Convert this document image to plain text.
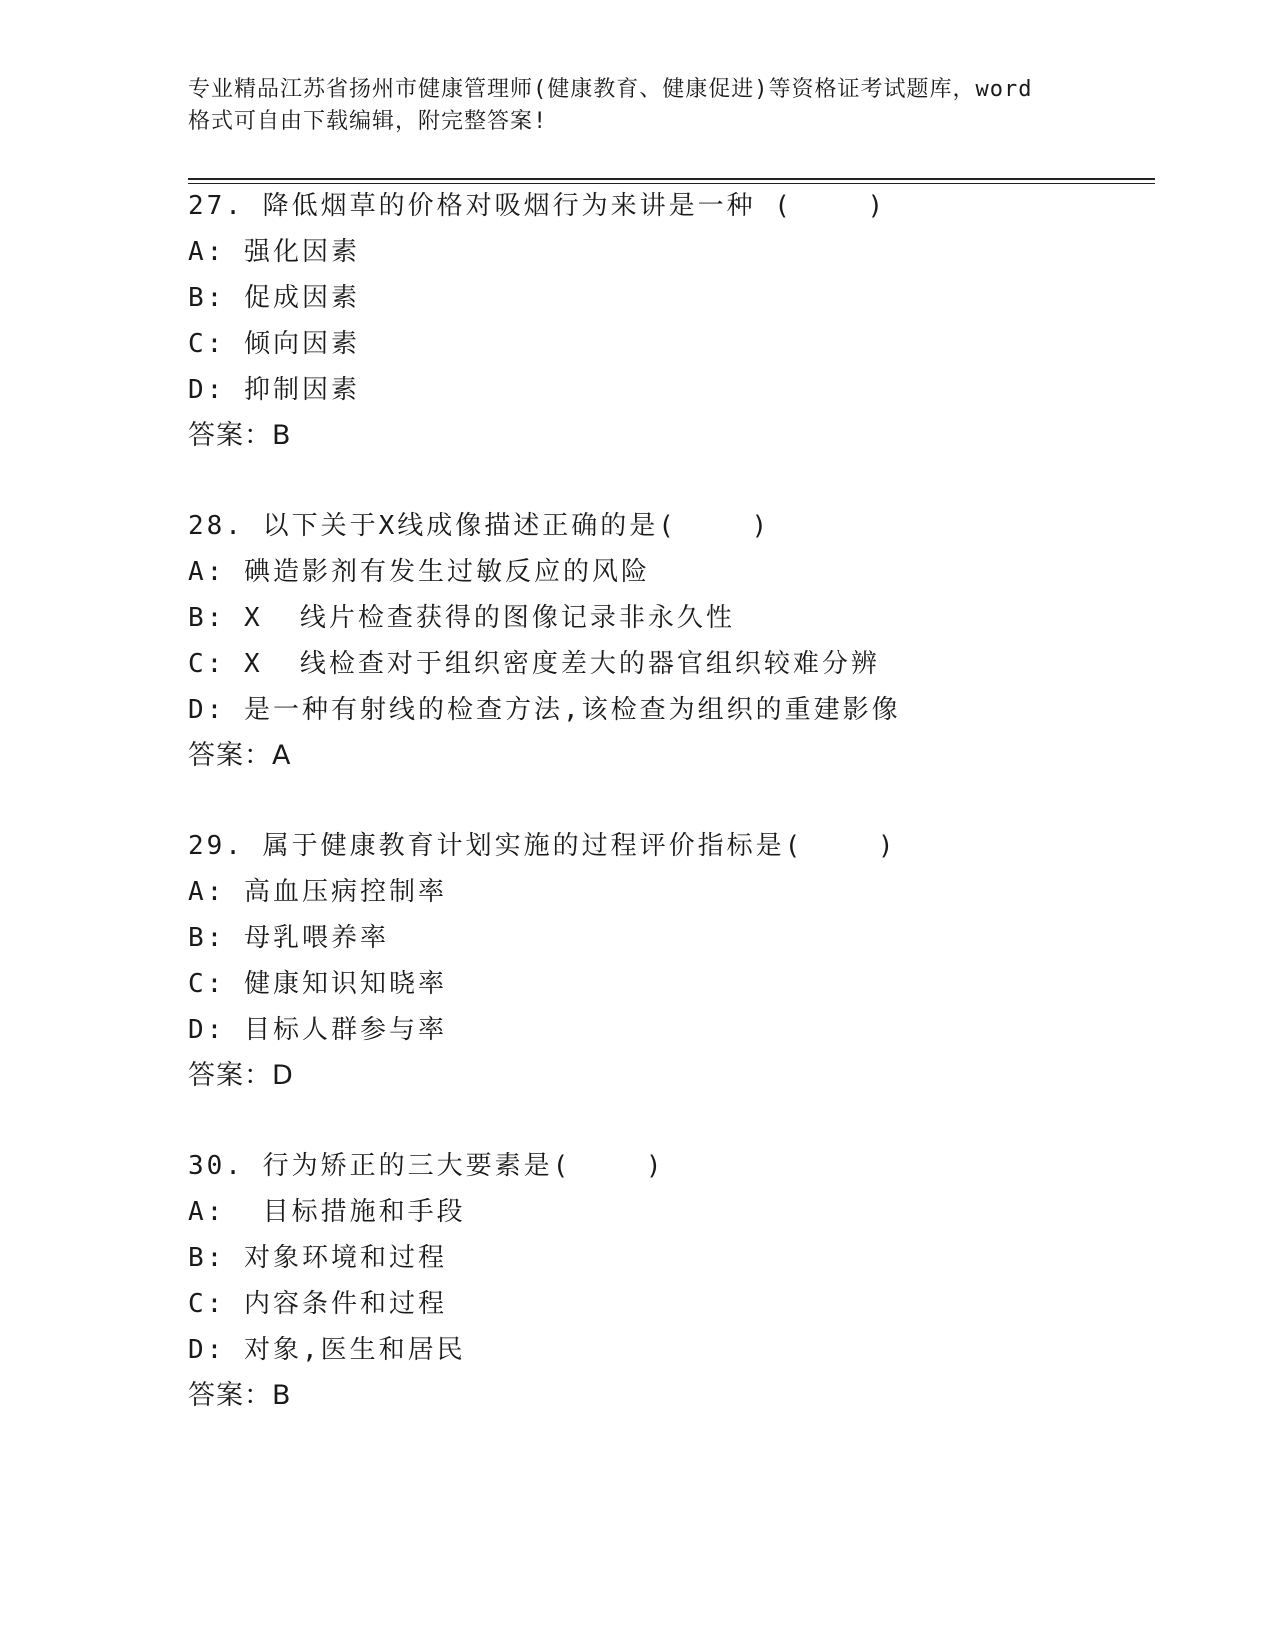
专业精品江苏省扬州市健康管理师(健康教育、健康促进)等资格证考试题库，word
格式可自由下载编辑，附完整答案!
27. 降低烟草的价格对吸烟行为来讲是一种 (    )
A: 强化因素
B: 促成因素
C: 倾向因素
D: 抑制因素
答案：B
28. 以下关于X线成像描述正确的是(    )
A: 碘造影剂有发生过敏反应的风险
B: X  线片检查获得的图像记录非永久性
C: X  线检查对于组织密度差大的器官组织较难分辨
D: 是一种有射线的检查方法,该检查为组织的重建影像
答案：A
29. 属于健康教育计划实施的过程评价指标是(    )
A: 高血压病控制率
B: 母乳喂养率
C: 健康知识知晓率
D: 目标人群参与率
答案：D
30. 行为矫正的三大要素是(    )
A:  目标措施和手段
B: 对象环境和过程
C: 内容条件和过程
D: 对象,医生和居民
答案：B
